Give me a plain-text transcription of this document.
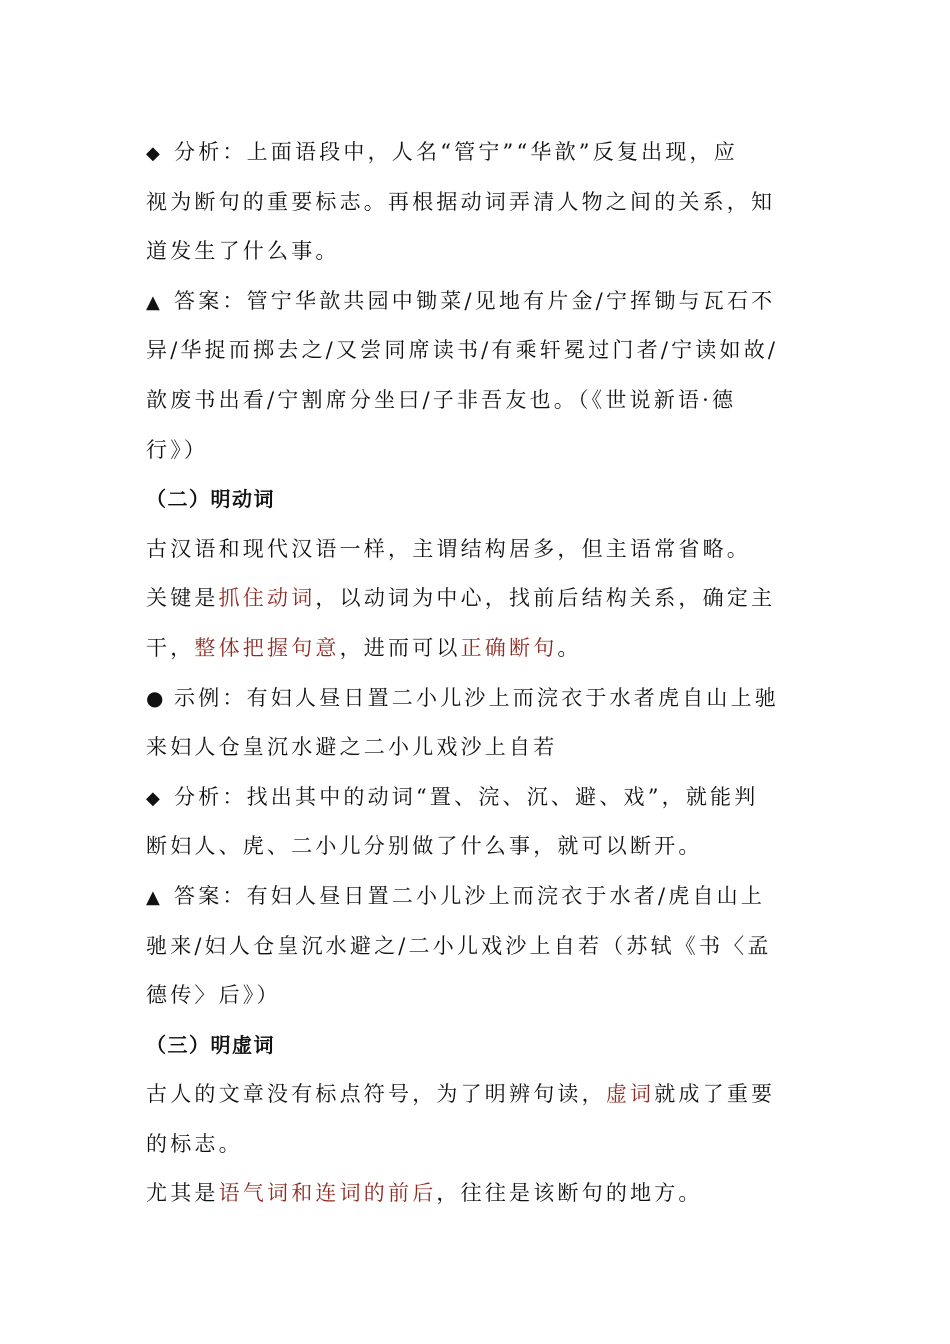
◆ 分析：上面语段中，人名“管宁”“华歆”反复出现，应
视为断句的重要标志。再根据动词弄清人物之间的关系，知
道发生了什么事。
▲ 答案：管宁华歆共园中锄菜/见地有片金/宁挥锄与瓦石不
异/华捉而掷去之/又尝同席读书/有乘轩冕过门者/宁读如故/
歆废书出看/宁割席分坐曰/子非吾友也。（《世说新语·德
行》）
（二）明动词
古汉语和现代汉语一样，主谓结构居多，但主语常省略。
关键是抓住动词，以动词为中心，找前后结构关系，确定主
干，整体把握句意，进而可以正确断句。
● 示例：有妇人昼日置二小儿沙上而浣衣于水者虎自山上驰
来妇人仓皇沉水避之二小儿戏沙上自若
◆ 分析：找出其中的动词“置、浣、沉、避、戏”，就能判
断妇人、虎、二小儿分别做了什么事，就可以断开。
▲ 答案：有妇人昼日置二小儿沙上而浣衣于水者/虎自山上
驰来/妇人仓皇沉水避之/二小儿戏沙上自若（苏轼《书〈孟
德传〉后》）
（三）明虚词
古人的文章没有标点符号，为了明辨句读，虚词就成了重要
的标志。
尤其是语气词和连词的前后，往往是该断句的地方。
